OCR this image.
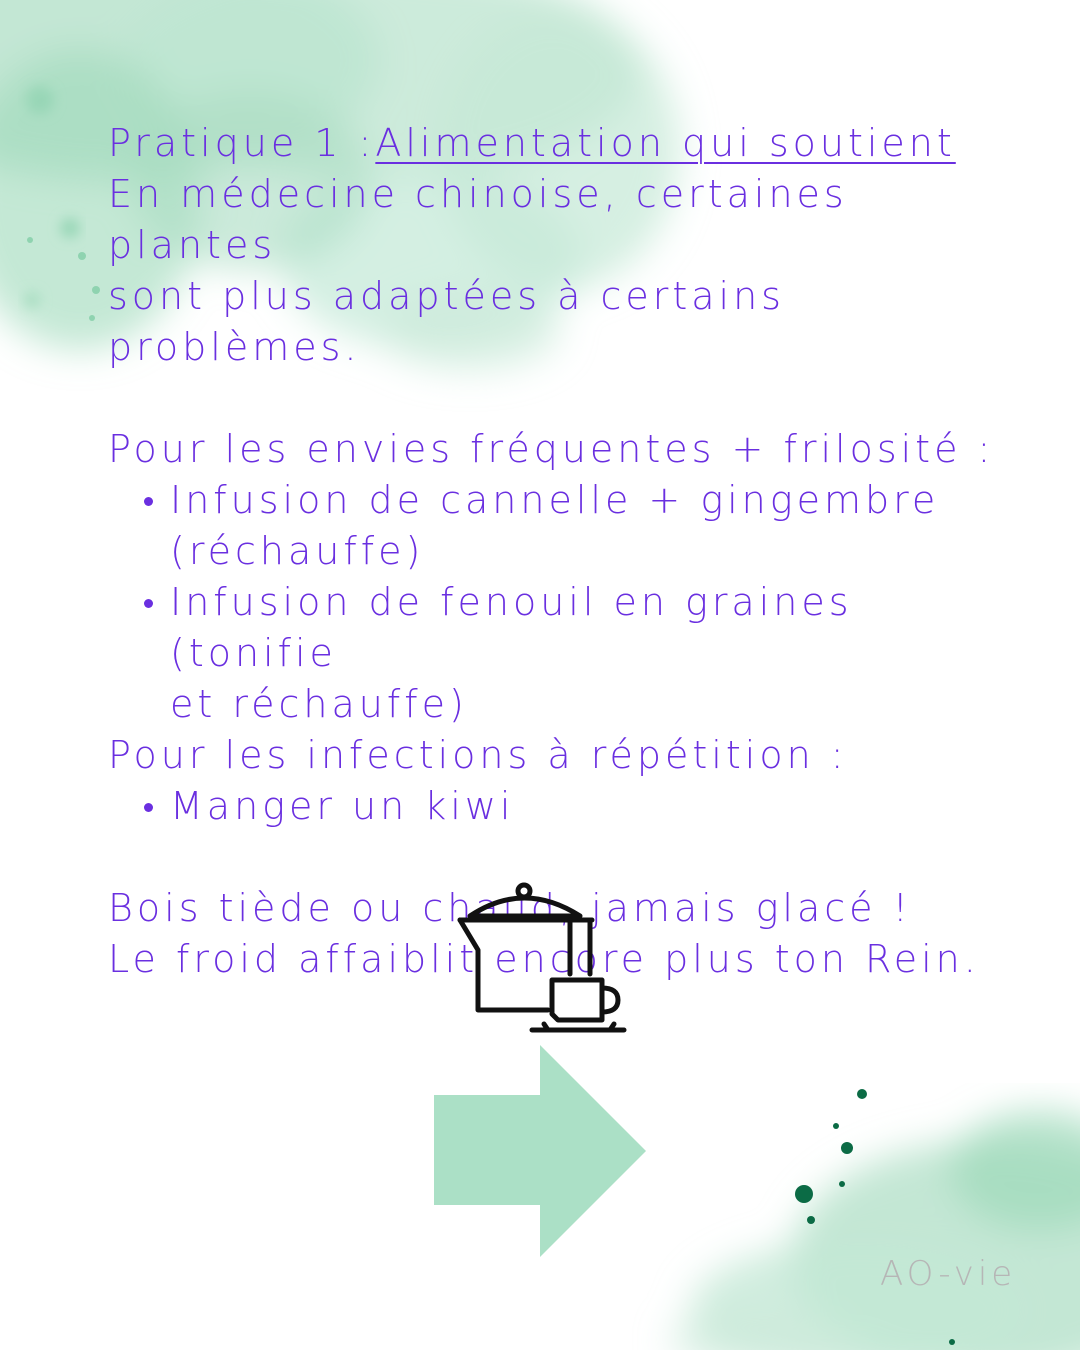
Pratique 1 :Alimentation qui soutient

En médecine chinoise, certaines plantes

sont plus adaptées à certains

problèmes.

Pour les envies fréquentes + frilosité :

Infusion de cannelle + gingembre
(réchauffe)
Infusion de fenouil en graines (tonifie
et réchauffe)

Pour les infections à répétition :

Manger un kiwi

Bois tiède ou chaud, jamais glacé !

Le froid affaiblit encore plus ton Rein.

AO-vie
